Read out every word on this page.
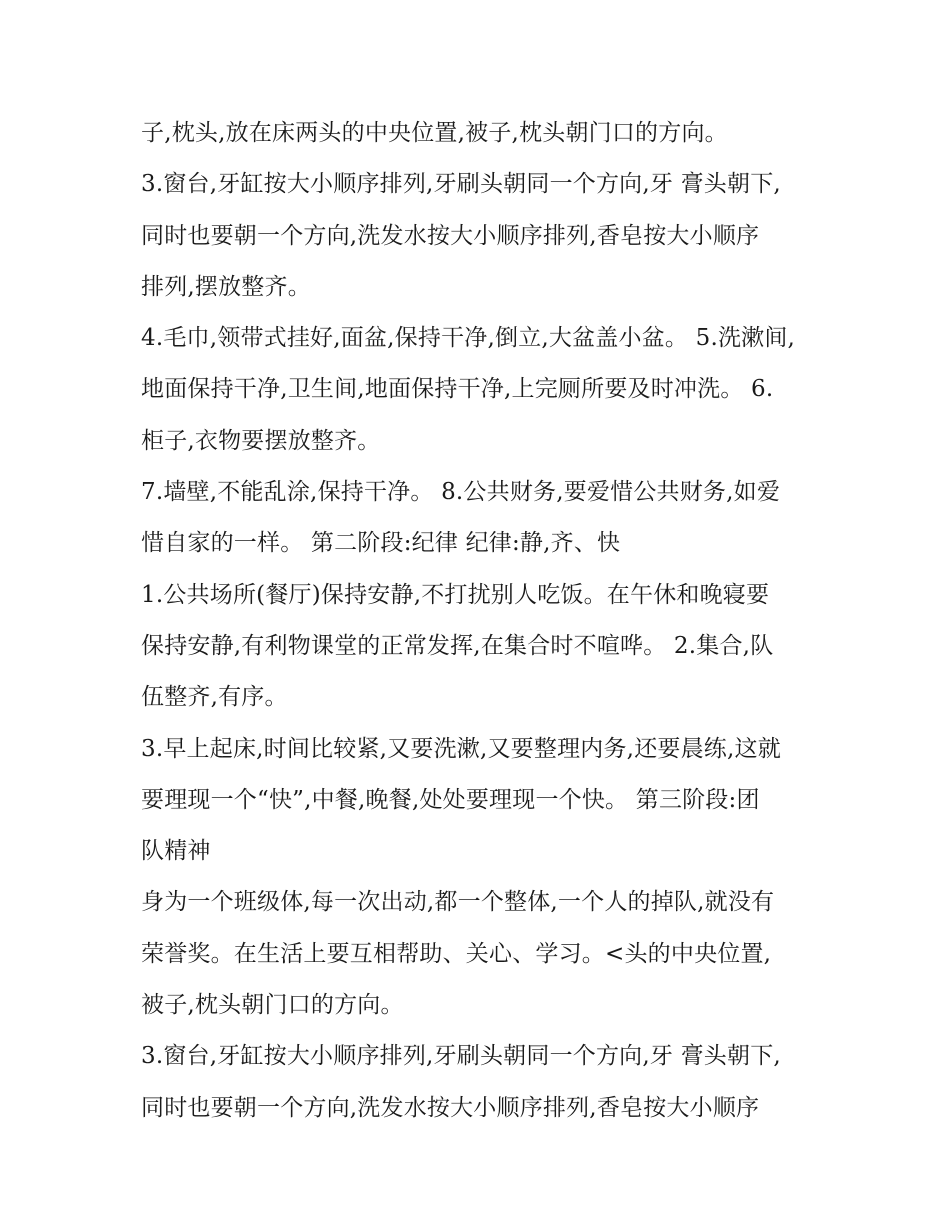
子,枕头,放在床两头的中央位置,被子,枕头朝门口的方向。
3.窗台,牙缸按大小顺序排列,牙刷头朝同一个方向,牙 膏头朝下,
同时也要朝一个方向,洗发水按大小顺序排列,香皂按大小顺序
排列,摆放整齐。
4.毛巾,领带式挂好,面盆,保持干净,倒立,大盆盖小盆。 5.洗漱间,
地面保持干净,卫生间,地面保持干净,上完厕所要及时冲洗。 6.
柜子,衣物要摆放整齐。
7.墙壁,不能乱涂,保持干净。 8.公共财务,要爱惜公共财务,如爱
惜自家的一样。 第二阶段:纪律 纪律:静,齐、快
1.公共场所(餐厅)保持安静,不打扰别人吃饭。在午休和晚寝要
保持安静,有利物课堂的正常发挥,在集合时不喧哗。 2.集合,队
伍整齐,有序。
3.早上起床,时间比较紧,又要洗漱,又要整理内务,还要晨练,这就
要理现一个“快”,中餐,晚餐,处处要理现一个快。 第三阶段:团
队精神
身为一个班级体,每一次出动,都一个整体,一个人的掉队,就没有
荣誉奖。在生活上要互相帮助、关心、学习。<头的中央位置,
被子,枕头朝门口的方向。
3.窗台,牙缸按大小顺序排列,牙刷头朝同一个方向,牙 膏头朝下,
同时也要朝一个方向,洗发水按大小顺序排列,香皂按大小顺序
